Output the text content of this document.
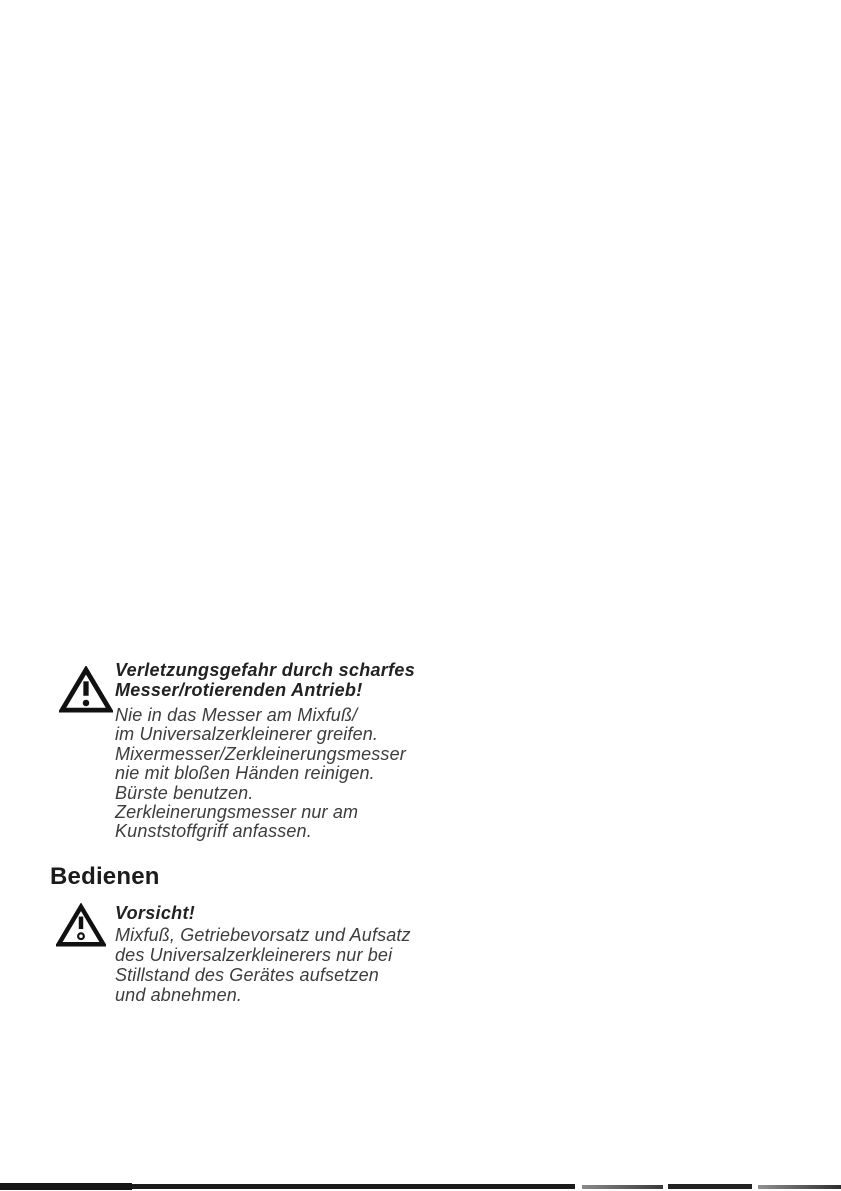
Verletzungsgefahr durch scharfes
Messer/rotierenden Antrieb!
Nie in das Messer am Mixfuß/
im Universalzerkleinerer greifen.
Mixermesser/Zerkleinerungsmesser
nie mit bloßen Händen reinigen.
Bürste benutzen.
Zerkleinerungsmesser nur am
Kunststoffgriff anfassen.
Bedienen
Vorsicht!
Mixfuß, Getriebevorsatz und Aufsatz
des Universalzerkleinerers nur bei
Stillstand des Gerätes aufsetzen
und abnehmen.
